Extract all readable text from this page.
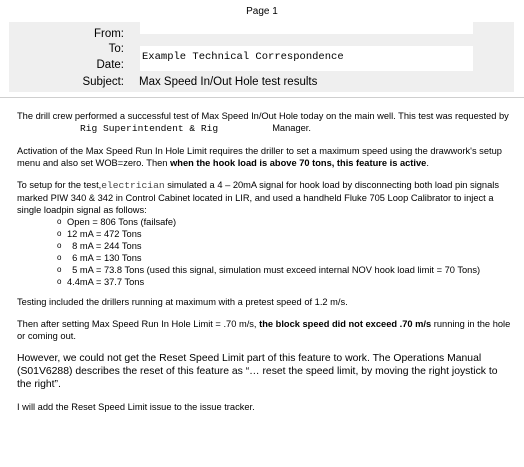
Page 1
From:
To:
Example Technical Correspondence
Date:
Subject: Max Speed In/Out Hole test results

The drill crew performed a successful test of Max Speed In/Out Hole today on the main well. This test was requested by
Rig Superintendent & Rig	Manager.

Activation of the Max Speed Run In Hole Limit requires the driller to set a maximum speed using the drawwork's setup menu and also set WOB=zero. Then when the hook load is above 70 tons, this feature is active.

To setup for the test,electrician simulated a 4 – 20mA signal for hook load by disconnecting both load pin signals marked PIW 340 & 342 in Control Cabinet located in LIR, and used a handheld Fluke 705 Loop Calibrator to inject a single loadpin signal as follows:

o Open = 806 Tons (failsafe)
o 12 mA = 472 Tons
o   8 mA = 244 Tons
o   6 mA = 130 Tons
o   5 mA = 73.8 Tons (used this signal, simulation must exceed internal NOV hook load limit = 70 Tons)
o 4.4mA = 37.7 Tons

Testing included the drillers running at maximum with a pretest speed of 1.2 m/s.

Then after setting Max Speed Run In Hole Limit = .70 m/s, the block speed did not exceed .70 m/s running in the hole or coming out.

However, we could not get the Reset Speed Limit part of this feature to work. The Operations Manual (S01V6288) describes the reset of this feature as “… reset the speed limit, by moving the right joystick to the right”.

I will add the Reset Speed Limit issue to the issue tracker.
